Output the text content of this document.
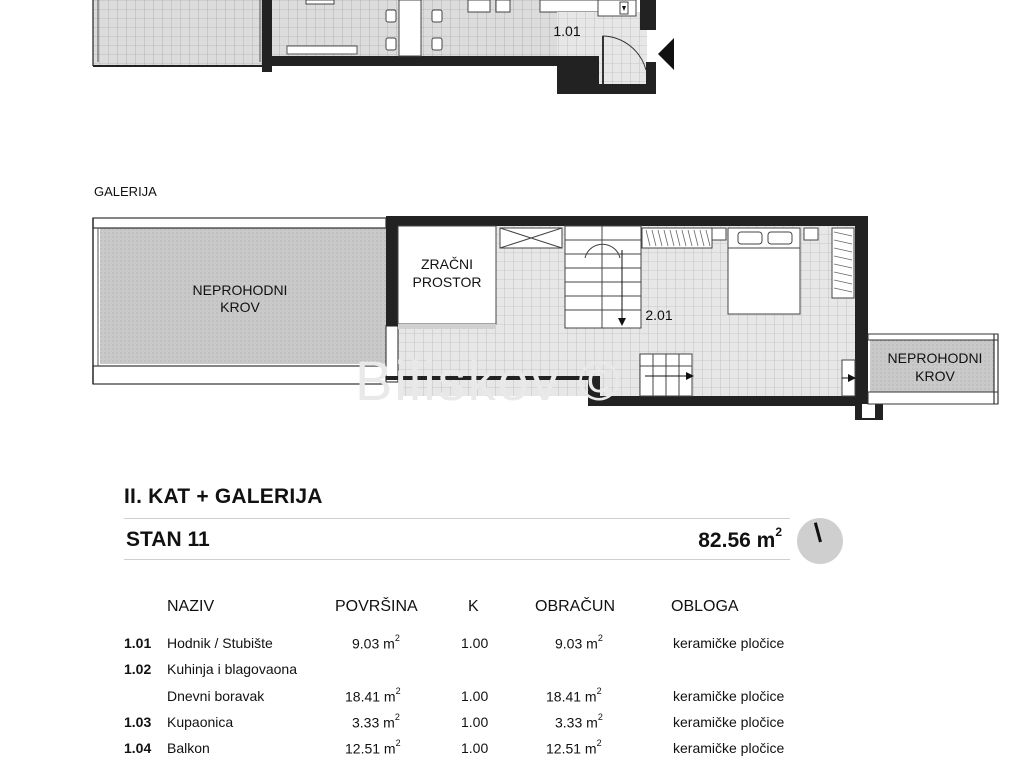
1.01
GALERIJA
ZRAČNI
PROSTOR
NEPROHODNI
KROV	2.01
NEPROHODNI
KROV
Biliskov ©
II. KAT + GALERIJA
STAN 11	82.56 $m^2$
NAZIV	POVRŠINA	K	OBRAČUN	OBLOGA
1.01 Hodnik / Stubište	9.03 $m^2$	1.00	9.03 $m^2$	keramičke pločice
1.02 Kuhinja i blagovaona
Dnevni boravak	18.41 $m^2$	1.00	18.41 $m^2$	keramičke pločice
1.03 Kupaonica	3.33 $m^2$	1.00	3.33 $m^2$	keramičke pločice
1.04 Balkon	12.51 $m^2$	1.00	12.51 $m^2$	keramičke pločice
